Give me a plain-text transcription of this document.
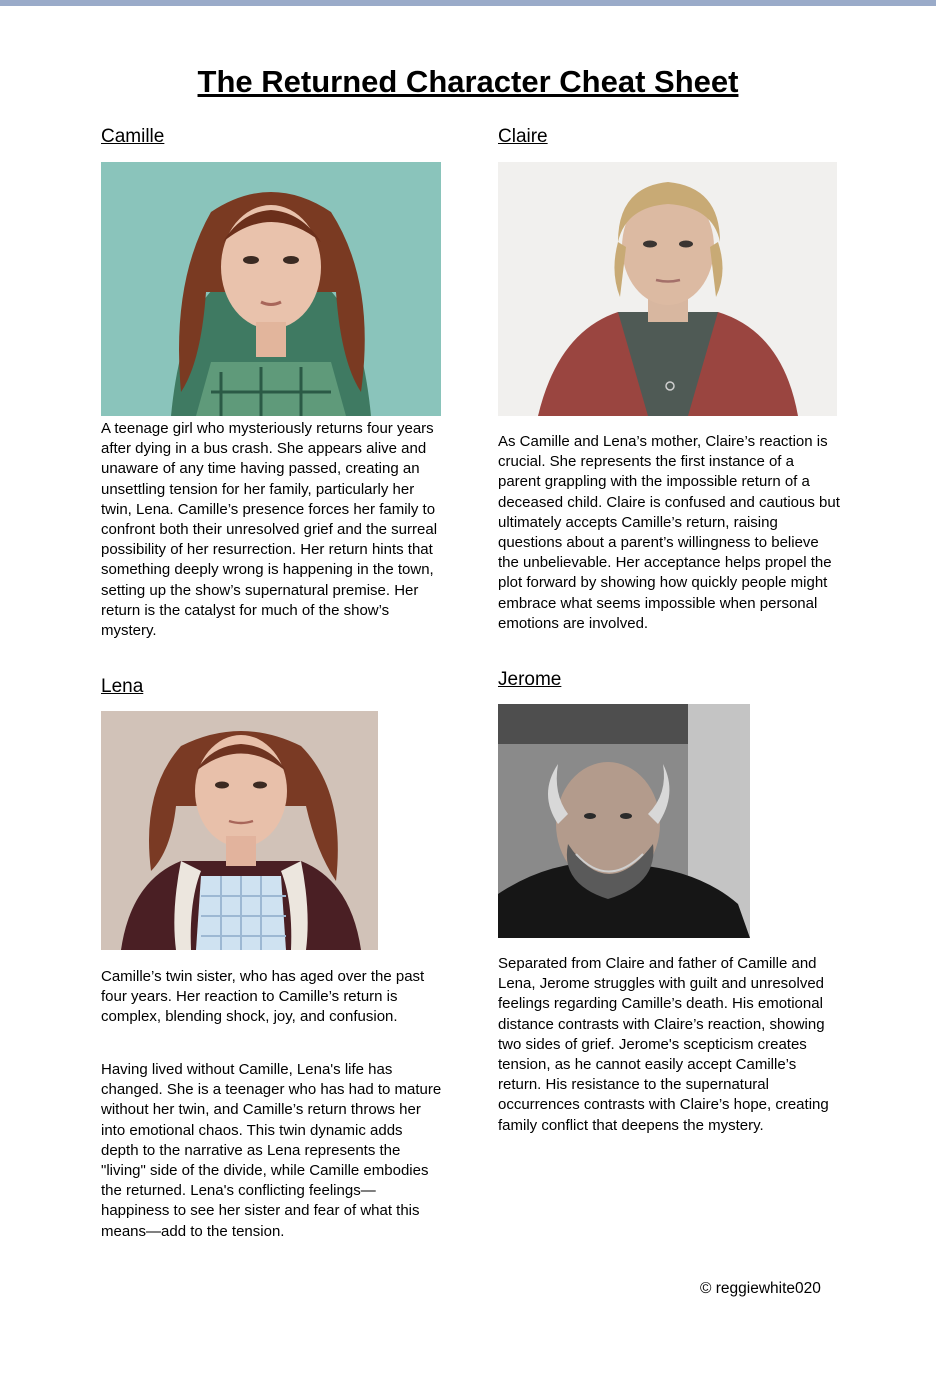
The Returned Character Cheat Sheet
Camille

A teenage girl who mysteriously returns four years after dying in a bus crash. She appears alive and unaware of any time having passed, creating an unsettling tension for her family, particularly her twin, Lena. Camille’s presence forces her family to confront both their unresolved grief and the surreal possibility of her resurrection. Her return hints that something deeply wrong is happening in the town, setting up the show’s supernatural premise. Her return is the catalyst for much of the show’s mystery.

Claire

As Camille and Lena’s mother, Claire’s reaction is crucial. She represents the first instance of a parent grappling with the impossible return of a deceased child. Claire is confused and cautious but ultimately accepts Camille’s return, raising questions about a parent’s willingness to believe the unbelievable. Her acceptance helps propel the plot forward by showing how quickly people might embrace what seems impossible when personal emotions are involved.

Lena

Camille’s twin sister, who has aged over the past four years. Her reaction to Camille’s return is complex, blending shock, joy, and confusion.

Having lived without Camille, Lena's life has changed. She is a teenager who has had to mature without her twin, and Camille’s return throws her into emotional chaos. This twin dynamic adds depth to the narrative as Lena represents the "living" side of the divide, while Camille embodies the returned. Lena's conflicting feelings—happiness to see her sister and fear of what this means—add to the tension.

Jerome

Separated from Claire and father of Camille and Lena, Jerome struggles with guilt and unresolved feelings regarding Camille’s death. His emotional distance contrasts with Claire’s reaction, showing two sides of grief. Jerome's scepticism creates tension, as he cannot easily accept Camille’s return. His resistance to the supernatural occurrences contrasts with Claire’s hope, creating family conflict that deepens the mystery.

© reggiewhite020
